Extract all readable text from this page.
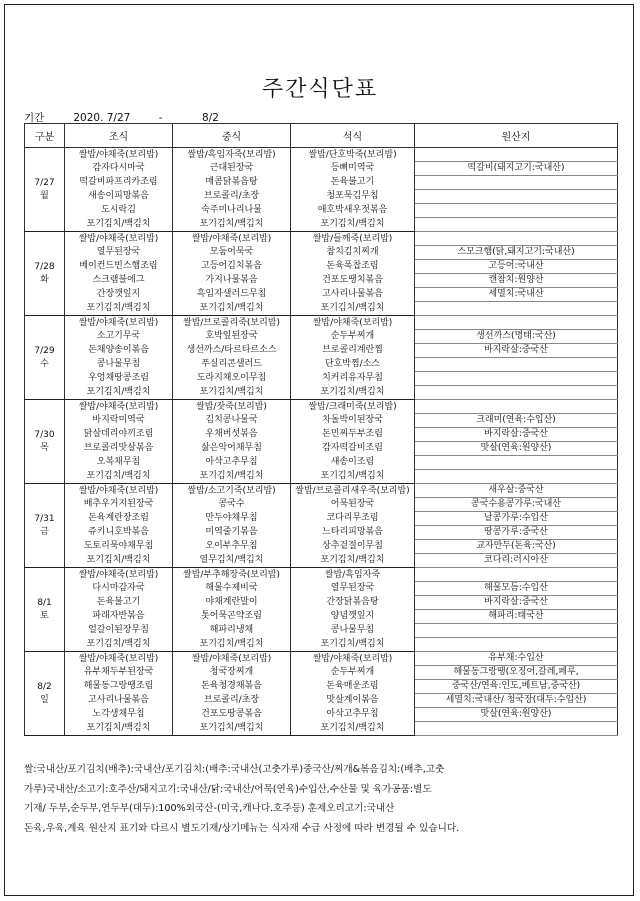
주간식단표
기간	2020. 7/27	-	8/2
구분	조식	중식	석식	원산지

7/27
월	쌀밥/야채죽(보리밥)	쌀밥/흑임자죽(보리밥)	쌀밥/단호박죽(보리밥)	
	감자다시마국	근대된장국	등뼈미역국	떡갈비(돼지고기:국내산)
	떡갈비파프리카조림	매콤닭볶음탕	돈육불고기	
	새송이피망볶음	브로콜리/초장	청포묵김무침	
	도시락김	숙주미나리나물	애호박새우젓볶음	
	포기김치/백김치	포기김치/백김치	포기김치/백김치	

7/28
화	쌀밥/야채죽(보리밥)	쌀밥/야채죽(보리밥)	쌀밥/들깨죽(보리밥)	
	열무된장국	모둠어묵국	참치김치찌개	스모크햄(닭,돼지고기:국내산)
	베이컨드빈스햄조림	고등어김치볶음	돈육폭찹조림	고등어:국내산
	스크램블에그	가지나물볶음	건포도땡치볶음	캔참치:원양산
	간장깻잎지	흑임자샐러드무침	고사리나물볶음	세멸치:국내산
	포기김치/백김치	포기김치/백김치	포기김치/백김치	

7/29
수	쌀밥/야채죽(보리밥)	쌀밥/브로콜리죽(보리밥)	쌀밥/야채죽(보리밥)	
	소고기무국	호박잎된장국	순두부찌개	생선까스(명태:국산)
	돈채양송이볶음	생선까스/타르타르소스	브로콜리계란찜	바지락살:중국산
	콩나물무침	푸실리콘샐러드	단호박찜/소스	
	우엉채땅콩조림	도라지채오이무침	치커리유자무침	
	포기김치/백김치	포기김치/백김치	포기김치/백김치	

7/30
목	쌀밥/야채죽(보리밥)	쌀밥/잣죽(보리밥)	쌀밥/크래미죽(보리밥)	
	바지락미역국	김치콩나물국	차돌박이된장국	크래미(연육:수입산)
	닭살데리야끼조림	우채버섯볶음	돈민찌두부조림	바지락살:중국산
	브로콜리맛살볶음	삶은악어채무침	감자떡갈비조림	맛살(연육:원양산)
	오복채무침	아삭고추무침	새송이조림	
	포기김치/백김치	포기김치/백김치	포기김치/백김치	

7/31
금	쌀밥/야채죽(보리밥)	쌀밥/소고기죽(보리밥)	쌀밥/브로콜리새우죽(보리밥)	새우살:중국산
	배추우거지된장국	콩국수	어묵된장국	콩국수용콩가루:국내산
	돈육계란장조림	만두야채무침	코다리무조림	날콩가루:수입산
	쥬키니호박볶음	미역줄기볶음	느타리피망볶음	땅콩가루:중국산
	도토리묵야채무침	오이부추무침	상추겉절이무침	교자만두(돈육:국산)
	포기김치/백김치	열무김치/백김치	포기김치/백김치	코다리:러시아산

8/1
토	쌀밥/야채죽(보리밥)	쌀밥/부추해장죽(보리밥)	쌀밥/흑임자죽	
	다시마감자국	해물수제비국	열무된장국	해물모듬:수입산
	돈육불고기	야채계란말이	간장닭볶음탕	바지락살:중국산
	파래자반볶음	톳어묵곤약조림	양념깻잎지	해파리:태국산
	얼갈이된장무침	해파리냉채	콩나물무침	
	포기김치/백김치	포기김치/백김치	포기김치/백김치	

8/2
일	쌀밥/야채죽(보리밥)	쌀밥/야채죽(보리밥)	쌀밥/야채죽(보리밥)	유부채:수입산
	유부채두부된장국	청국장찌개	순두부찌개	해물동그랑땡(오징어,갈레,페루,
	해물동그랑땡조림	돈육청경채볶음	돈육매운조림	중국산/연육:인도,베트남,중국산)
	고사리나물볶음	브로콜리/초장	맛살계이볶음	세멸치:국내산/ 청국장(대두:수입산)
	노각생채무침	건포도땅콩볶음	아삭고추무침	맛살(연육:원양산)
	포기김치/백김치	포기김치/백김치	포기김치/백김치	
쌀:국내산/포기김치(배추):국내산/포기김치:(배추:국내산(고춧가루)중국산/찌개&볶음김치:(배추,고춧
가루)국내산/소고기:호주산/돼지고기:국내산/닭:국내산/어묵(연육)수입산,수산물 및 육가공품:별도
기재/ 두부,순두부,연두부(대두):100%외국산-(미국,캐나다.호주등) 훈제오리고기:국내산
돈육,우육,계육 원산지 표기와 다르시 별도기재/상기메뉴는 식자재 수급 사정에 따라 변경될 수 있습니다.
